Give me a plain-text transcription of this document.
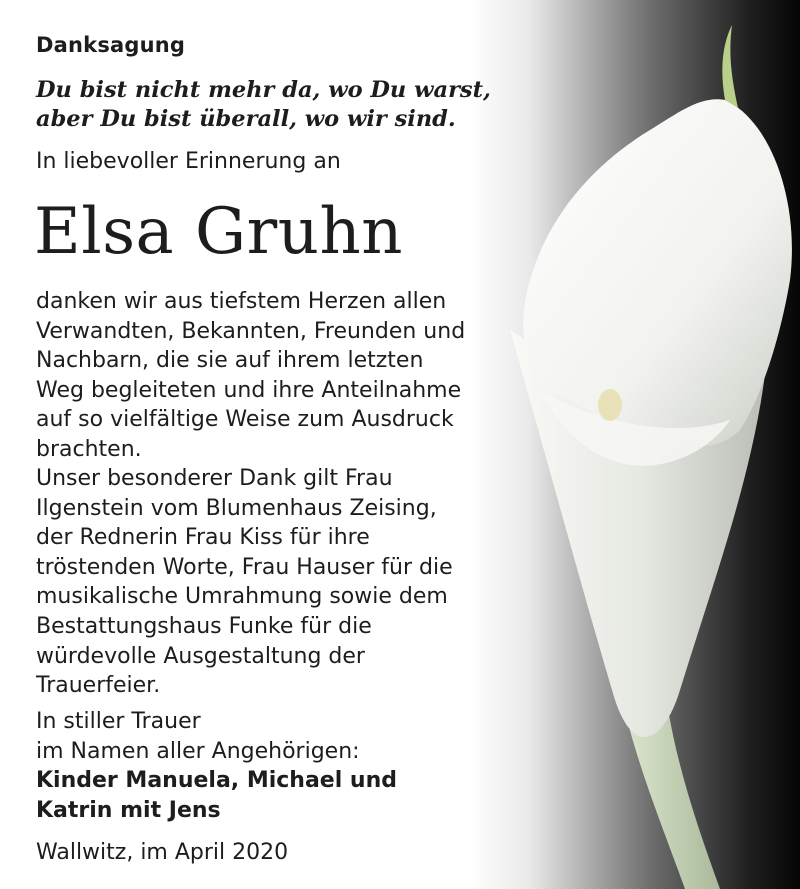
Danksagung
Du bist nicht mehr da, wo Du warst,
aber Du bist überall, wo wir sind.
In liebevoller Erinnerung an
Elsa Gruhn
danken wir aus tiefstem Herzen allen
Verwandten, Bekannten, Freunden und
Nachbarn, die sie auf ihrem letzten
Weg begleiteten und ihre Anteilnahme
auf so vielfältige Weise zum Ausdruck
brachten.
Unser besonderer Dank gilt Frau
Ilgenstein vom Blumenhaus Zeising,
der Rednerin Frau Kiss für ihre
tröstenden Worte, Frau Hauser für die
musikalische Umrahmung sowie dem
Bestattungshaus Funke für die
würdevolle Ausgestaltung der
Trauerfeier.
In stiller Trauer
im Namen aller Angehörigen:
Kinder Manuela, Michael und
Katrin mit Jens
Wallwitz, im April 2020
